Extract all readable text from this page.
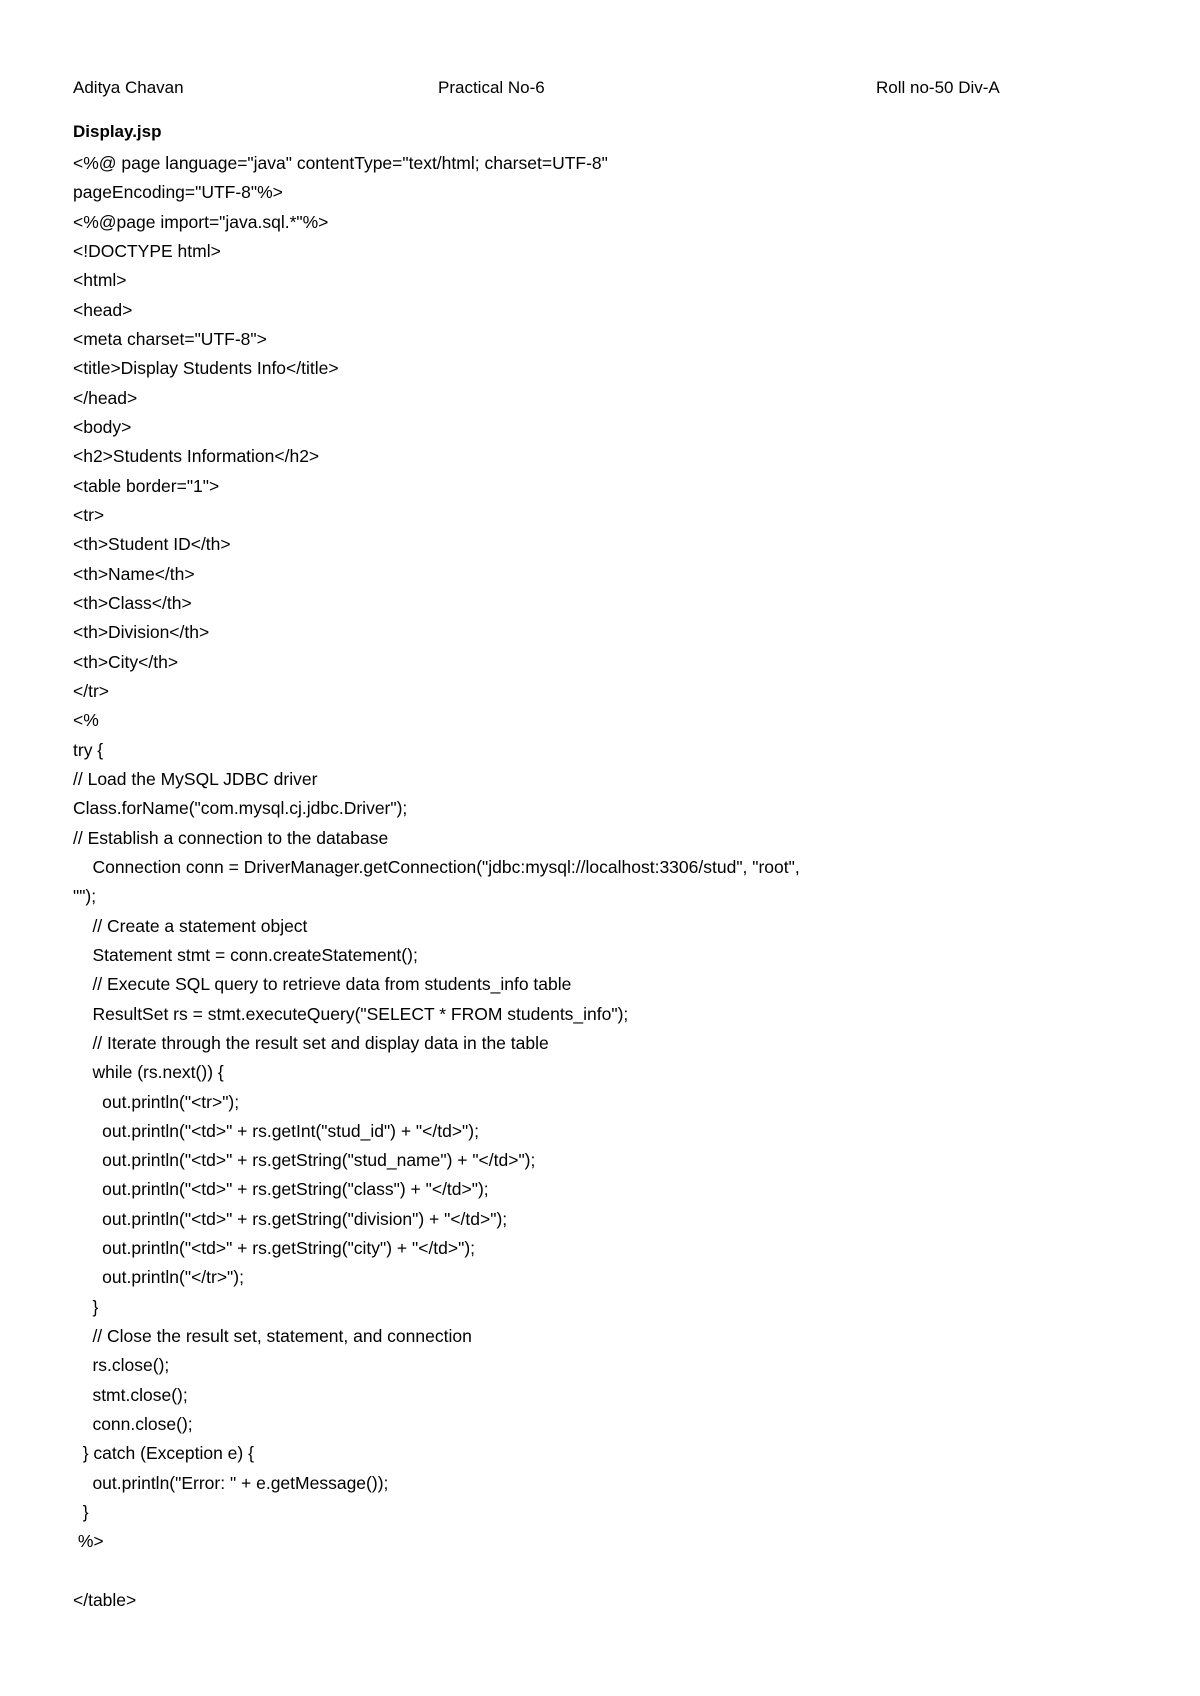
Aditya Chavan	Practical No-6	Roll no-50 Div-A
Display.jsp
<%@ page language="java" contentType="text/html; charset=UTF-8"
pageEncoding="UTF-8"%>
<%@page import="java.sql.*"%>
<!DOCTYPE html>
<html>
<head>
<meta charset="UTF-8">
<title>Display Students Info</title>
</head>
<body>
<h2>Students Information</h2>
<table border="1">
<tr>
<th>Student ID</th>
<th>Name</th>
<th>Class</th>
<th>Division</th>
<th>City</th>
</tr>
<%
try {
// Load the MySQL JDBC driver
Class.forName("com.mysql.cj.jdbc.Driver");
// Establish a connection to the database
Connection conn = DriverManager.getConnection("jdbc:mysql://localhost:3306/stud", "root",
"");
// Create a statement object
Statement stmt = conn.createStatement();
// Execute SQL query to retrieve data from students_info table
ResultSet rs = stmt.executeQuery("SELECT * FROM students_info");
// Iterate through the result set and display data in the table
while (rs.next()) {
out.println("<tr>");
out.println("<td>" + rs.getInt("stud_id") + "</td>");
out.println("<td>" + rs.getString("stud_name") + "</td>");
out.println("<td>" + rs.getString("class") + "</td>");
out.println("<td>" + rs.getString("division") + "</td>");
out.println("<td>" + rs.getString("city") + "</td>");
out.println("</tr>");
}
// Close the result set, statement, and connection
rs.close();
stmt.close();
conn.close();
} catch (Exception e) {
out.println("Error: " + e.getMessage());
}
%>
</table>
